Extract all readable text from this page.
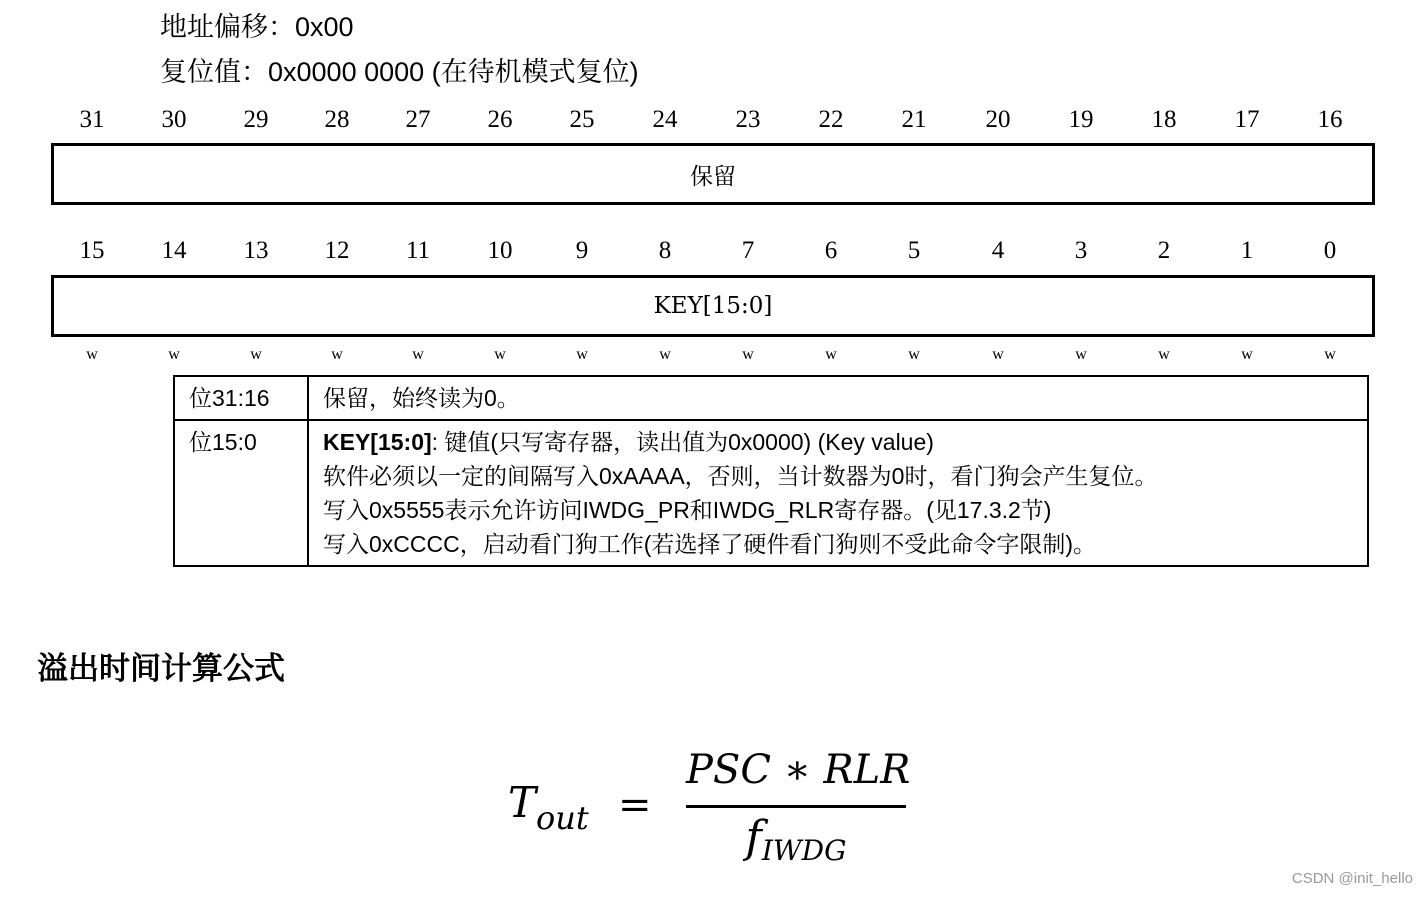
地址偏移：0x00
复位值：0x0000 0000 (在待机模式复位)
31	30	29	28	27	26	25	24	23	22	21	20	19	18	17	16
保留
15	14	13	12	11	10	9	8	7	6	5	4	3	2	1	0
KEY[15:0]
w	w	w	w	w	w	w	w	w	w	w	w	w	w	w	w
位31:16	保留，始终读为0。
位15:0	KEY[15:0]: 键值(只写寄存器，读出值为0x0000) (Key value)
软件必须以一定的间隔写入0xAAAA，否则，当计数器为0时，看门狗会产生复位。
写入0x5555表示允许访问IWDG_PR和IWDG_RLR寄存器。(见17.3.2节)
写入0xCCCC，启动看门狗工作(若选择了硬件看门狗则不受此命令字限制)。
溢出时间计算公式
$T_{out}$ =
PSC ∗ RLR
$f_{IWDG}$
CSDN @init_hello
